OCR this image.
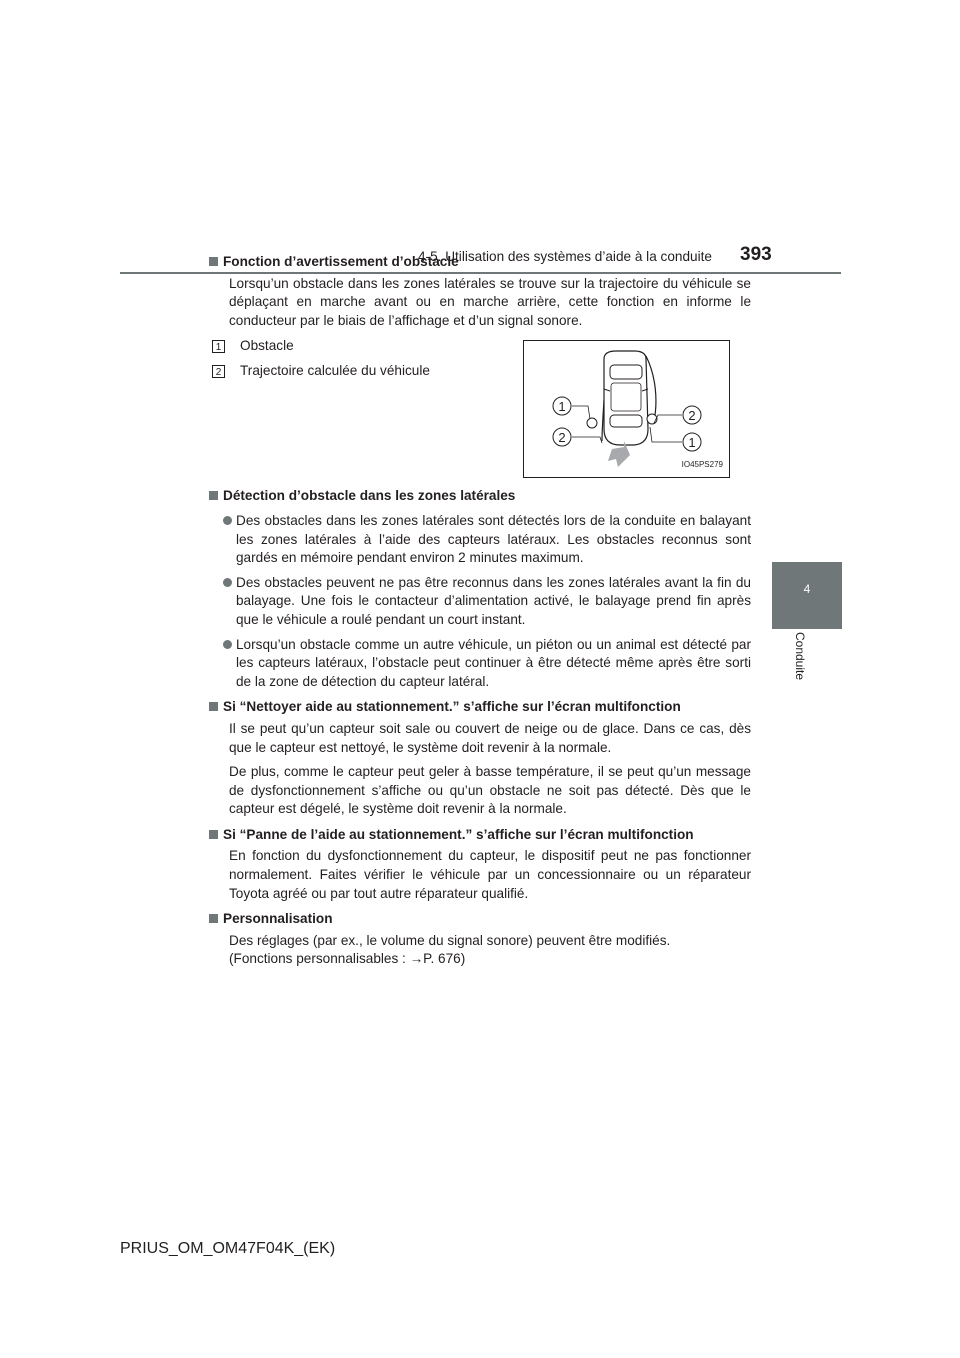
4-5. Utilisation des systèmes d’aide à la conduite 393
4
Conduite
Fonction d’avertissement d’obstacle
Lorsqu’un obstacle dans les zones latérales se trouve sur la trajectoire du véhicule se déplaçant en marche avant ou en marche arrière, cette fonction en informe le conducteur par le biais de l’affichage et d’un signal sonore.
1 Obstacle
2 Trajectoire calculée du véhicule
1
2
2
1
IO45PS279
Détection d’obstacle dans les zones latérales
Des obstacles dans les zones latérales sont détectés lors de la conduite en balayant les zones latérales à l’aide des capteurs latéraux. Les obstacles reconnus sont gardés en mémoire pendant environ 2 minutes maximum.
Des obstacles peuvent ne pas être reconnus dans les zones latérales avant la fin du balayage. Une fois le contacteur d’alimentation activé, le balayage prend fin après que le véhicule a roulé pendant un court instant.
Lorsqu’un obstacle comme un autre véhicule, un piéton ou un animal est détecté par les capteurs latéraux, l’obstacle peut continuer à être détecté même après être sorti de la zone de détection du capteur latéral.
Si “Nettoyer aide au stationnement.” s’affiche sur l’écran multifonction
Il se peut qu’un capteur soit sale ou couvert de neige ou de glace. Dans ce cas, dès que le capteur est nettoyé, le système doit revenir à la normale.
De plus, comme le capteur peut geler à basse température, il se peut qu’un message de dysfonctionnement s’affiche ou qu’un obstacle ne soit pas détecté. Dès que le capteur est dégelé, le système doit revenir à la normale.
Si “Panne de l’aide au stationnement.” s’affiche sur l’écran multifonction
En fonction du dysfonctionnement du capteur, le dispositif peut ne pas fonctionner normalement. Faites vérifier le véhicule par un concessionnaire ou un réparateur Toyota agréé ou par tout autre réparateur qualifié.
Personnalisation
Des réglages (par ex., le volume du signal sonore) peuvent être modifiés.
(Fonctions personnalisables : →P. 676)
PRIUS_OM_OM47F04K_(EK)
